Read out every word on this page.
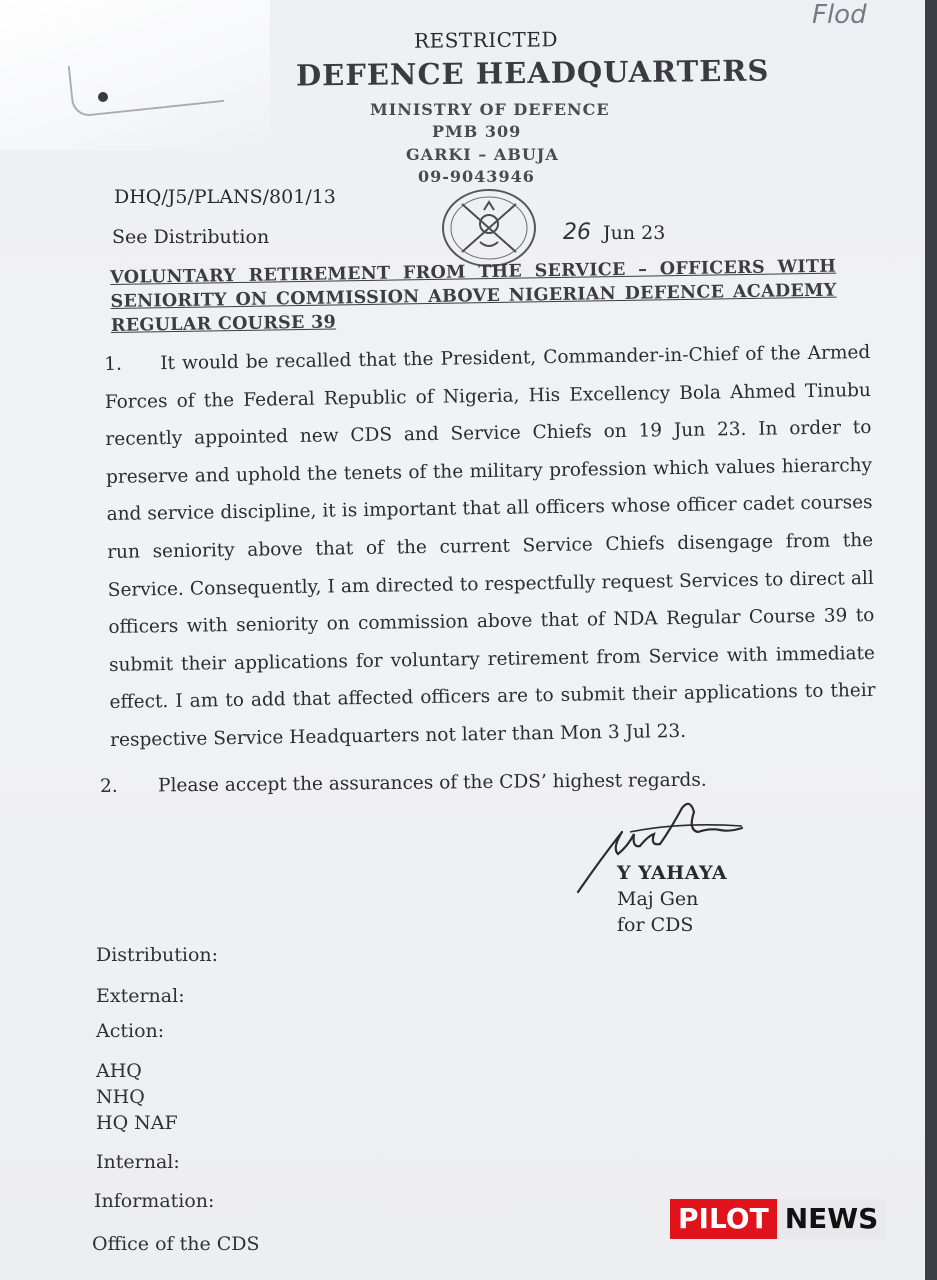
Flod
RESTRICTED
DEFENCE HEADQUARTERS
MINISTRY OF DEFENCE
PMB 309
GARKI – ABUJA
09-9043946
DHQ/J5/PLANS/801/13
See Distribution	26 Jun 23
VOLUNTARY RETIREMENT FROM THE SERVICE – OFFICERS WITH SENIORITY ON COMMISSION ABOVE NIGERIAN DEFENCE ACADEMY REGULAR COURSE 39
1. It would be recalled that the President, Commander-in-Chief of the Armed Forces of the Federal Republic of Nigeria, His Excellency Bola Ahmed Tinubu recently appointed new CDS and Service Chiefs on 19 Jun 23. In order to preserve and uphold the tenets of the military profession which values hierarchy and service discipline, it is important that all officers whose officer cadet courses run seniority above that of the current Service Chiefs disengage from the Service. Consequently, I am directed to respectfully request Services to direct all officers with seniority on commission above that of NDA Regular Course 39 to submit their applications for voluntary retirement from Service with immediate effect. I am to add that affected officers are to submit their applications to their respective Service Headquarters not later than Mon 3 Jul 23.
2. Please accept the assurances of the CDS’ highest regards.
Y YAHAYA
Maj Gen
for CDS
Distribution:
External:
Action:
AHQ
NHQ
HQ NAF
Internal:
Information:
Office of the CDS
PILOT NEWS
